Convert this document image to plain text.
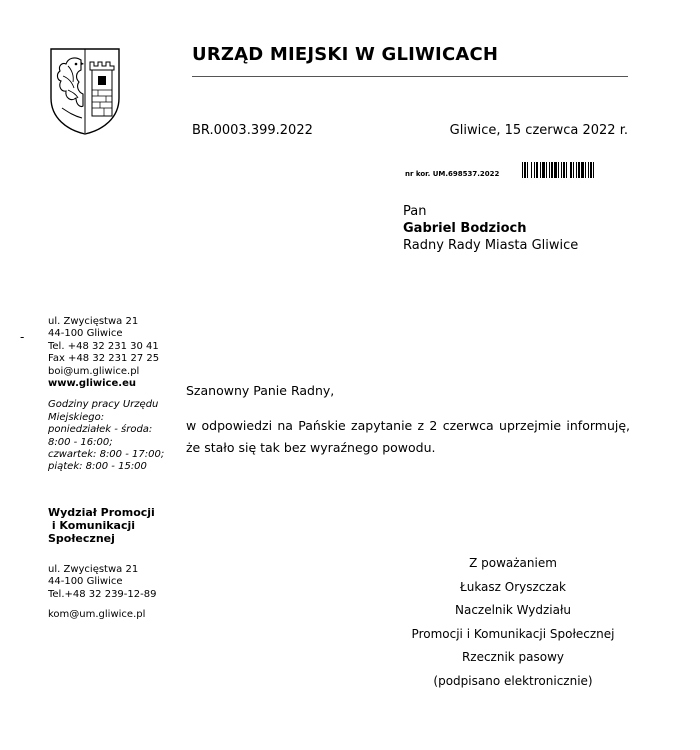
URZĄD MIEJSKI W GLIWICACH
BR.0003.399.2022	Gliwice, 15 czerwca 2022 r.
nr kor. UM.698537.2022
Pan
Gabriel Bodzioch
Radny Rady Miasta Gliwice
-
ul. Zwycięstwa 21
44-100 Gliwice
Tel. +48 32 231 30 41
Fax +48 32 231 27 25
boi@um.gliwice.pl
www.gliwice.eu
Godziny pracy Urzędu
Miejskiego:
poniedziałek - środa:
8:00 - 16:00;
czwartek: 8:00 - 17:00;
piątek: 8:00 - 15:00
Wydział Promocji
i Komunikacji
Społecznej
ul. Zwycięstwa 21
44-100 Gliwice
Tel.+48 32 239-12-89
kom@um.gliwice.pl
Szanowny Panie Radny,
w odpowiedzi na Pańskie zapytanie z 2 czerwca uprzejmie informuję,
że stało się tak bez wyraźnego powodu.
Z poważaniem
Łukasz Oryszczak
Naczelnik Wydziału
Promocji i Komunikacji Społecznej
Rzecznik pasowy
(podpisano elektronicznie)
